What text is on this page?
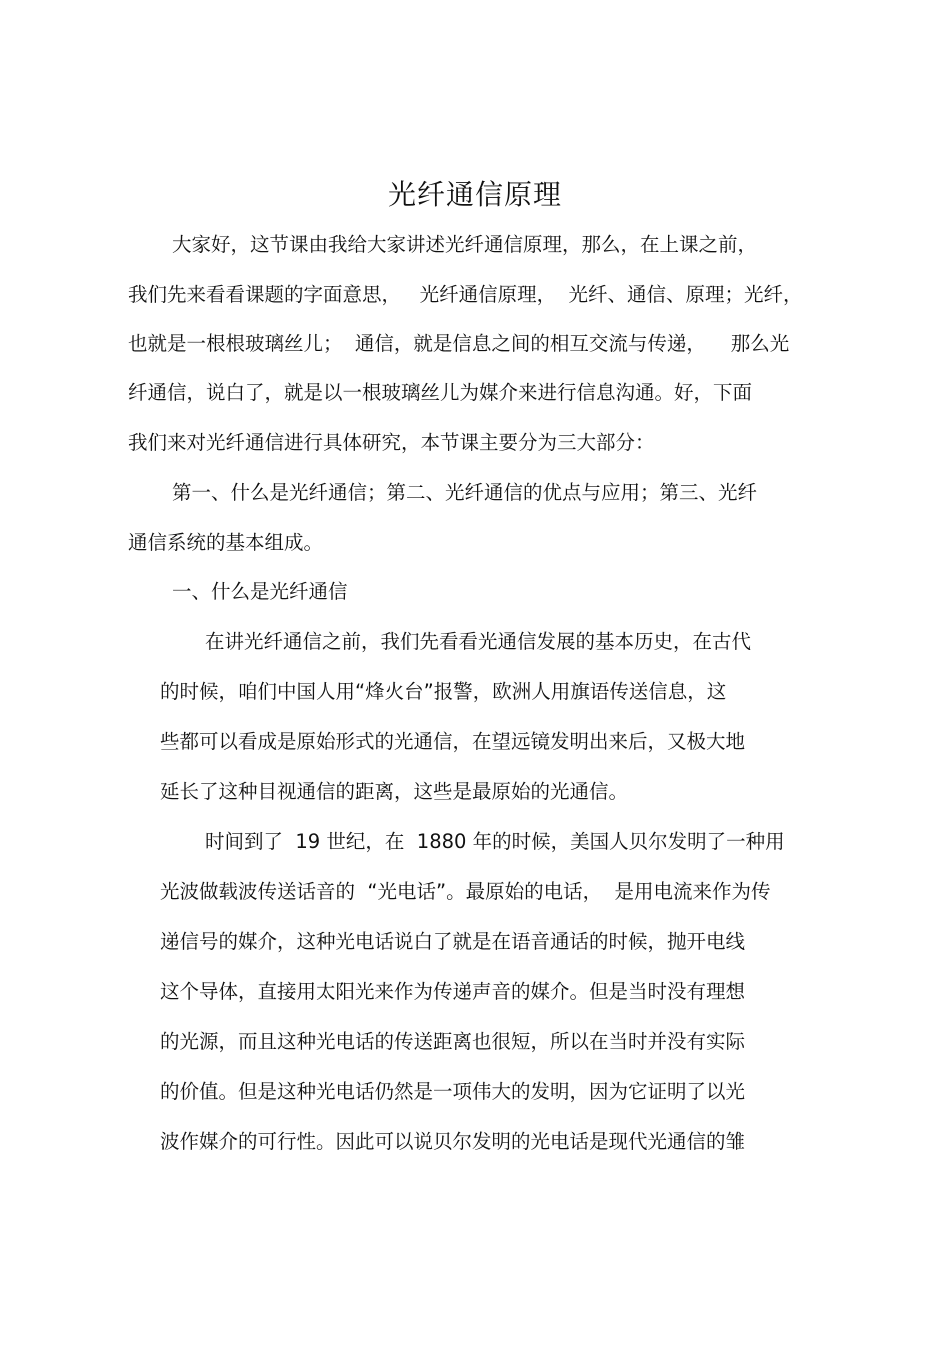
光纤通信原理
大家好，这节课由我给大家讲述光纤通信原理，那么，在上课之前，
我们先来看看课题的字面意思，   光纤通信原理，  光纤、通信、原理；光纤，
也就是一根根玻璃丝儿；  通信，就是信息之间的相互交流与传递，    那么光
纤通信，说白了，就是以一根玻璃丝儿为媒介来进行信息沟通。好，下面
我们来对光纤通信进行具体研究，本节课主要分为三大部分：
第一、什么是光纤通信；第二、光纤通信的优点与应用；第三、光纤
通信系统的基本组成。
一、什么是光纤通信
在讲光纤通信之前，我们先看看光通信发展的基本历史，在古代
的时候，咱们中国人用“烽火台”报警，欧洲人用旗语传送信息，这
些都可以看成是原始形式的光通信，在望远镜发明出来后，又极大地
延长了这种目视通信的距离，这些是最原始的光通信。
时间到了  19 世纪，在  1880 年的时候，美国人贝尔发明了一种用
光波做载波传送话音的  “光电话”。最原始的电话，  是用电流来作为传
递信号的媒介，这种光电话说白了就是在语音通话的时候，抛开电线
这个导体，直接用太阳光来作为传递声音的媒介。但是当时没有理想
的光源，而且这种光电话的传送距离也很短，所以在当时并没有实际
的价值。但是这种光电话仍然是一项伟大的发明，因为它证明了以光
波作媒介的可行性。因此可以说贝尔发明的光电话是现代光通信的雏
